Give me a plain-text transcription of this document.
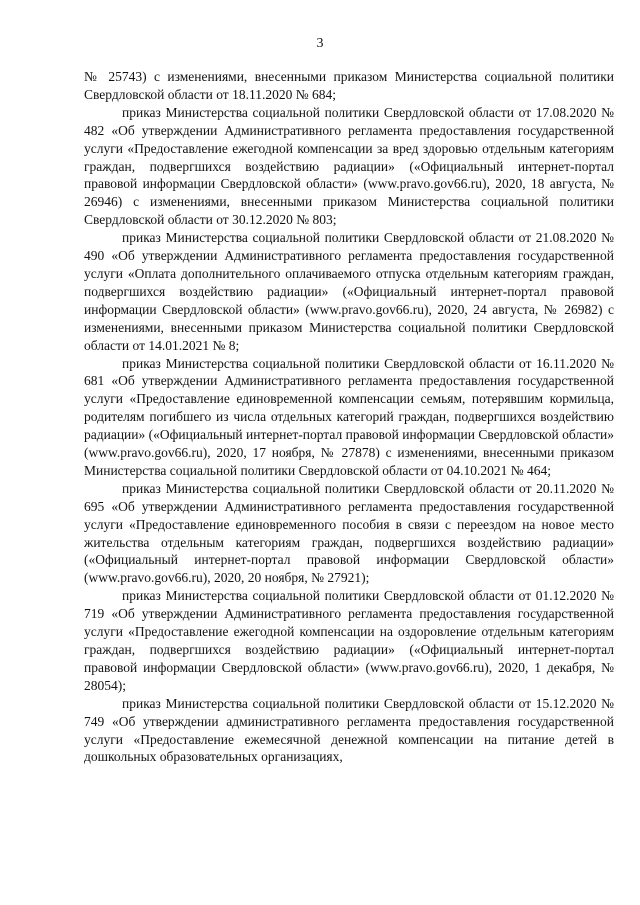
3

№ 25743) с изменениями, внесенными приказом Министерства социальной политики Свердловской области от 18.11.2020 № 684;

приказ Министерства социальной политики Свердловской области от 17.08.2020 № 482 «Об утверждении Административного регламента предоставления государственной услуги «Предоставление ежегодной компенсации за вред здоровью отдельным категориям граждан, подвергшихся воздействию радиации» («Официальный интернет-портал правовой информации Свердловской области» (www.pravo.gov66.ru), 2020, 18 августа, № 26946) с изменениями, внесенными приказом Министерства социальной политики Свердловской области от 30.12.2020 № 803;

приказ Министерства социальной политики Свердловской области от 21.08.2020 № 490 «Об утверждении Административного регламента предоставления государственной услуги «Оплата дополнительного оплачиваемого отпуска отдельным категориям граждан, подвергшихся воздействию радиации» («Официальный интернет-портал правовой информации Свердловской области» (www.pravo.gov66.ru), 2020, 24 августа, № 26982) с изменениями, внесенными приказом Министерства социальной политики Свердловской области от 14.01.2021 № 8;

приказ Министерства социальной политики Свердловской области от 16.11.2020 № 681 «Об утверждении Административного регламента предоставления государственной услуги «Предоставление единовременной компенсации семьям, потерявшим кормильца, родителям погибшего из числа отдельных категорий граждан, подвергшихся воздействию радиации» («Официальный интернет-портал правовой информации Свердловской области» (www.pravo.gov66.ru), 2020, 17 ноября, № 27878) с изменениями, внесенными приказом Министерства социальной политики Свердловской области от 04.10.2021 № 464;

приказ Министерства социальной политики Свердловской области от 20.11.2020 № 695 «Об утверждении Административного регламента предоставления государственной услуги «Предоставление единовременного пособия в связи с переездом на новое место жительства отдельным категориям граждан, подвергшихся воздействию радиации» («Официальный интернет-портал правовой информации Свердловской области» (www.pravo.gov66.ru), 2020, 20 ноября, № 27921);

приказ Министерства социальной политики Свердловской области от 01.12.2020 № 719 «Об утверждении Административного регламента предоставления государственной услуги «Предоставление ежегодной компенсации на оздоровление отдельным категориям граждан, подвергшихся воздействию радиации» («Официальный интернет-портал правовой информации Свердловской области» (www.pravo.gov66.ru), 2020, 1 декабря, № 28054);

приказ Министерства социальной политики Свердловской области от 15.12.2020 № 749 «Об утверждении административного регламента предоставления государственной услуги «Предоставление ежемесячной денежной компенсации на питание детей в дошкольных образовательных организациях,
